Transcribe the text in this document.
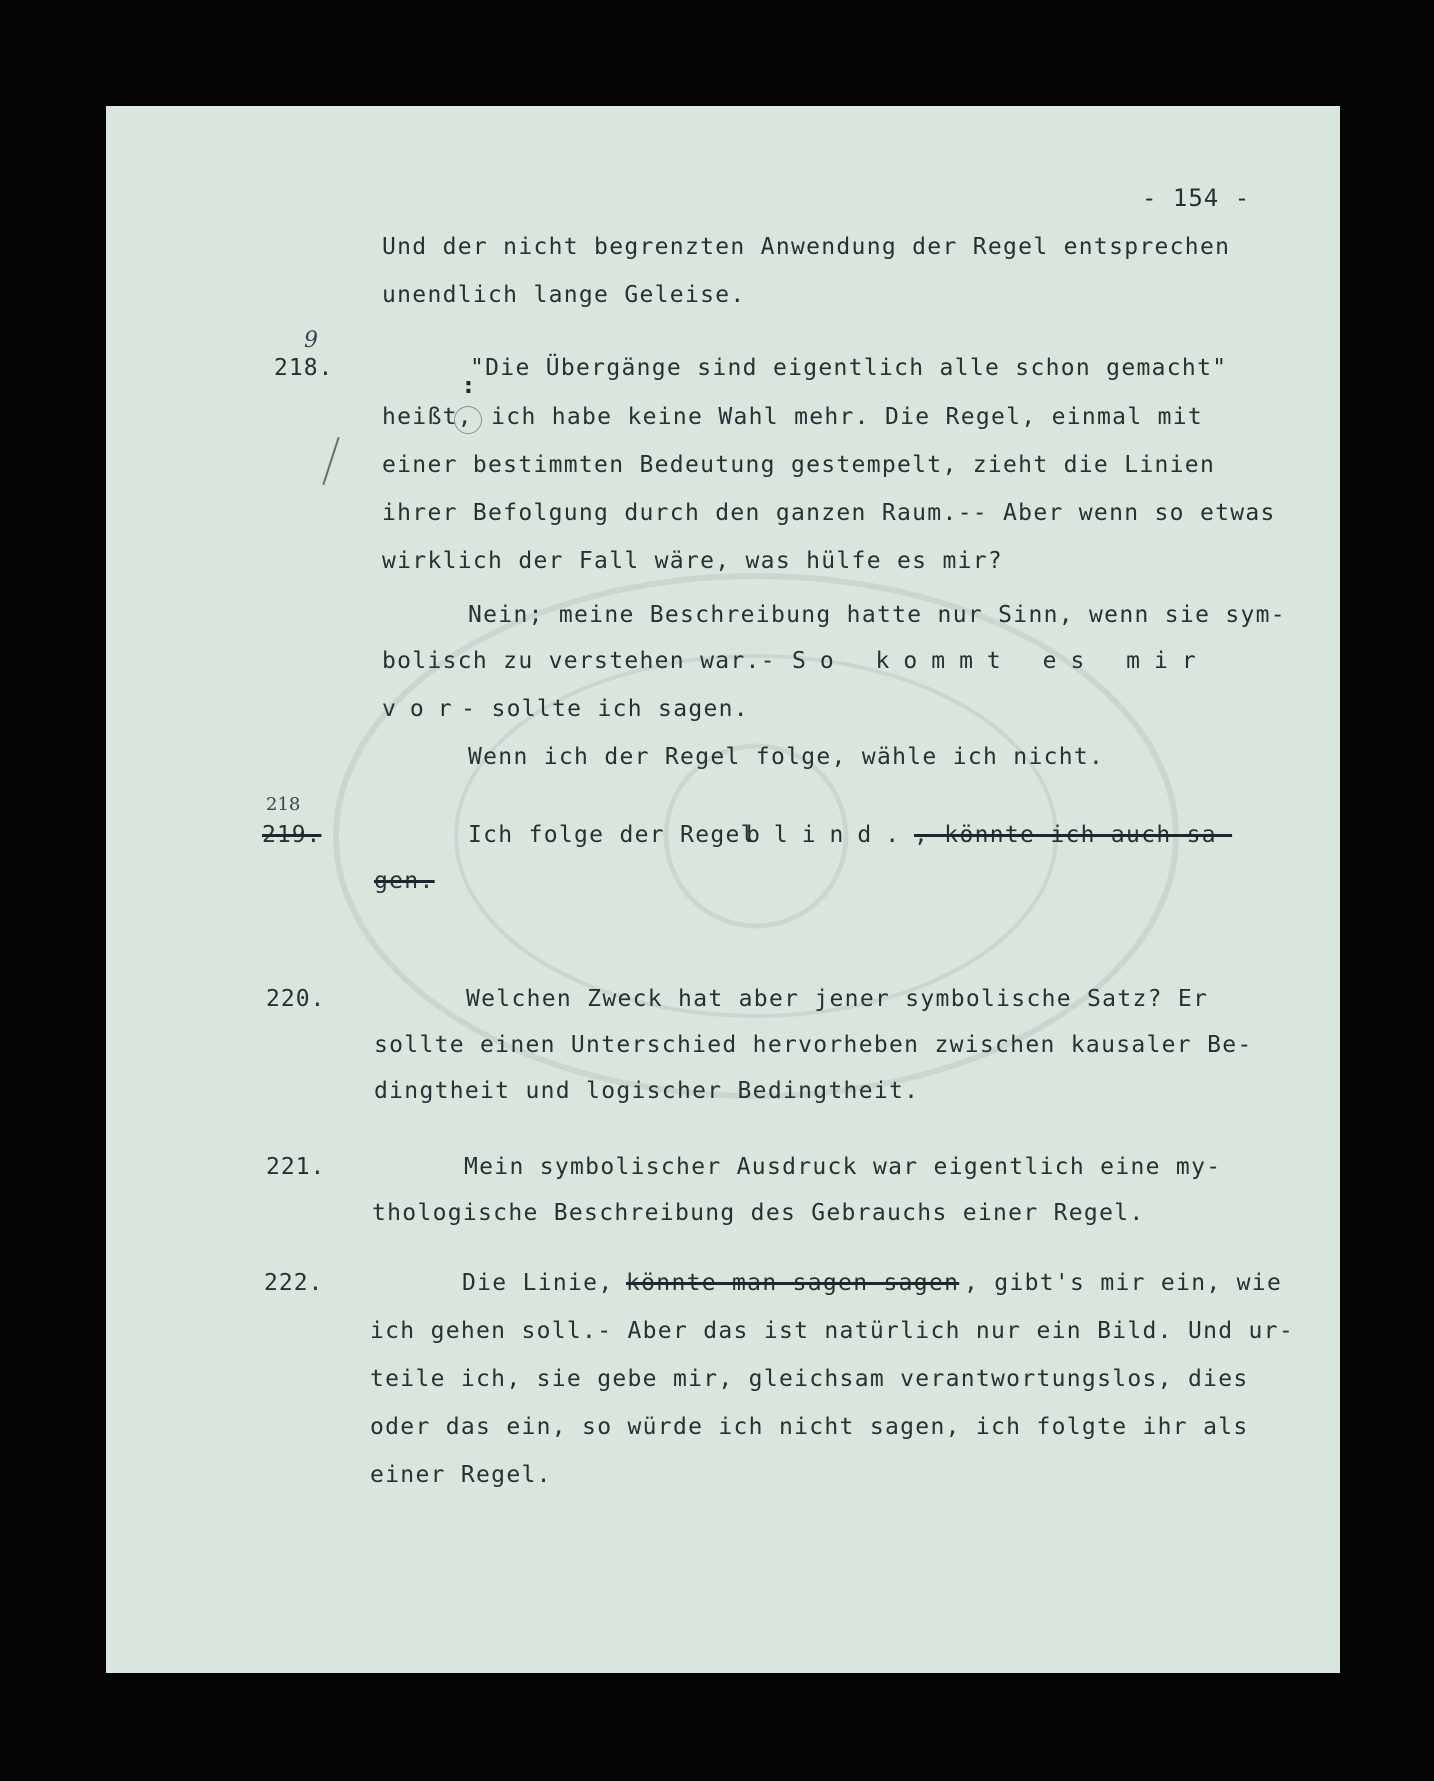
- 154 -
Und der nicht begrenzten Anwendung der Regel entsprechen
unendlich lange Geleise.
218.
9
"Die Übergänge sind eigentlich alle schon gemacht"
:
heißt, ich habe keine Wahl mehr. Die Regel, einmal mit
einer bestimmten Bedeutung gestempelt, zieht die Linien
ihrer Befolgung durch den ganzen Raum.-- Aber wenn so etwas
wirklich der Fall wäre, was hülfe es mir?
Nein; meine Beschreibung hatte nur Sinn, wenn sie sym-
bolisch zu verstehen war.- So kommt es mir
vor
- sollte ich sagen.
Wenn ich der Regel folge, wähle ich nicht.
219.
218
Ich folge der Regel
blind. , könnte ich auch sa-
gen.
220.	Welchen Zweck hat aber jener symbolische Satz? Er
sollte einen Unterschied hervorheben zwischen kausaler Be-
dingtheit und logischer Bedingtheit.
221.	Mein symbolischer Ausdruck war eigentlich eine my-
thologische Beschreibung des Gebrauchs einer Regel.
222.	Die Linie,
könnte man sagen sagen , gibt's mir ein, wie
ich gehen soll.- Aber das ist natürlich nur ein Bild. Und ur-
teile ich, sie gebe mir, gleichsam verantwortungslos, dies
oder das ein, so würde ich nicht sagen, ich folgte ihr als
einer Regel.
